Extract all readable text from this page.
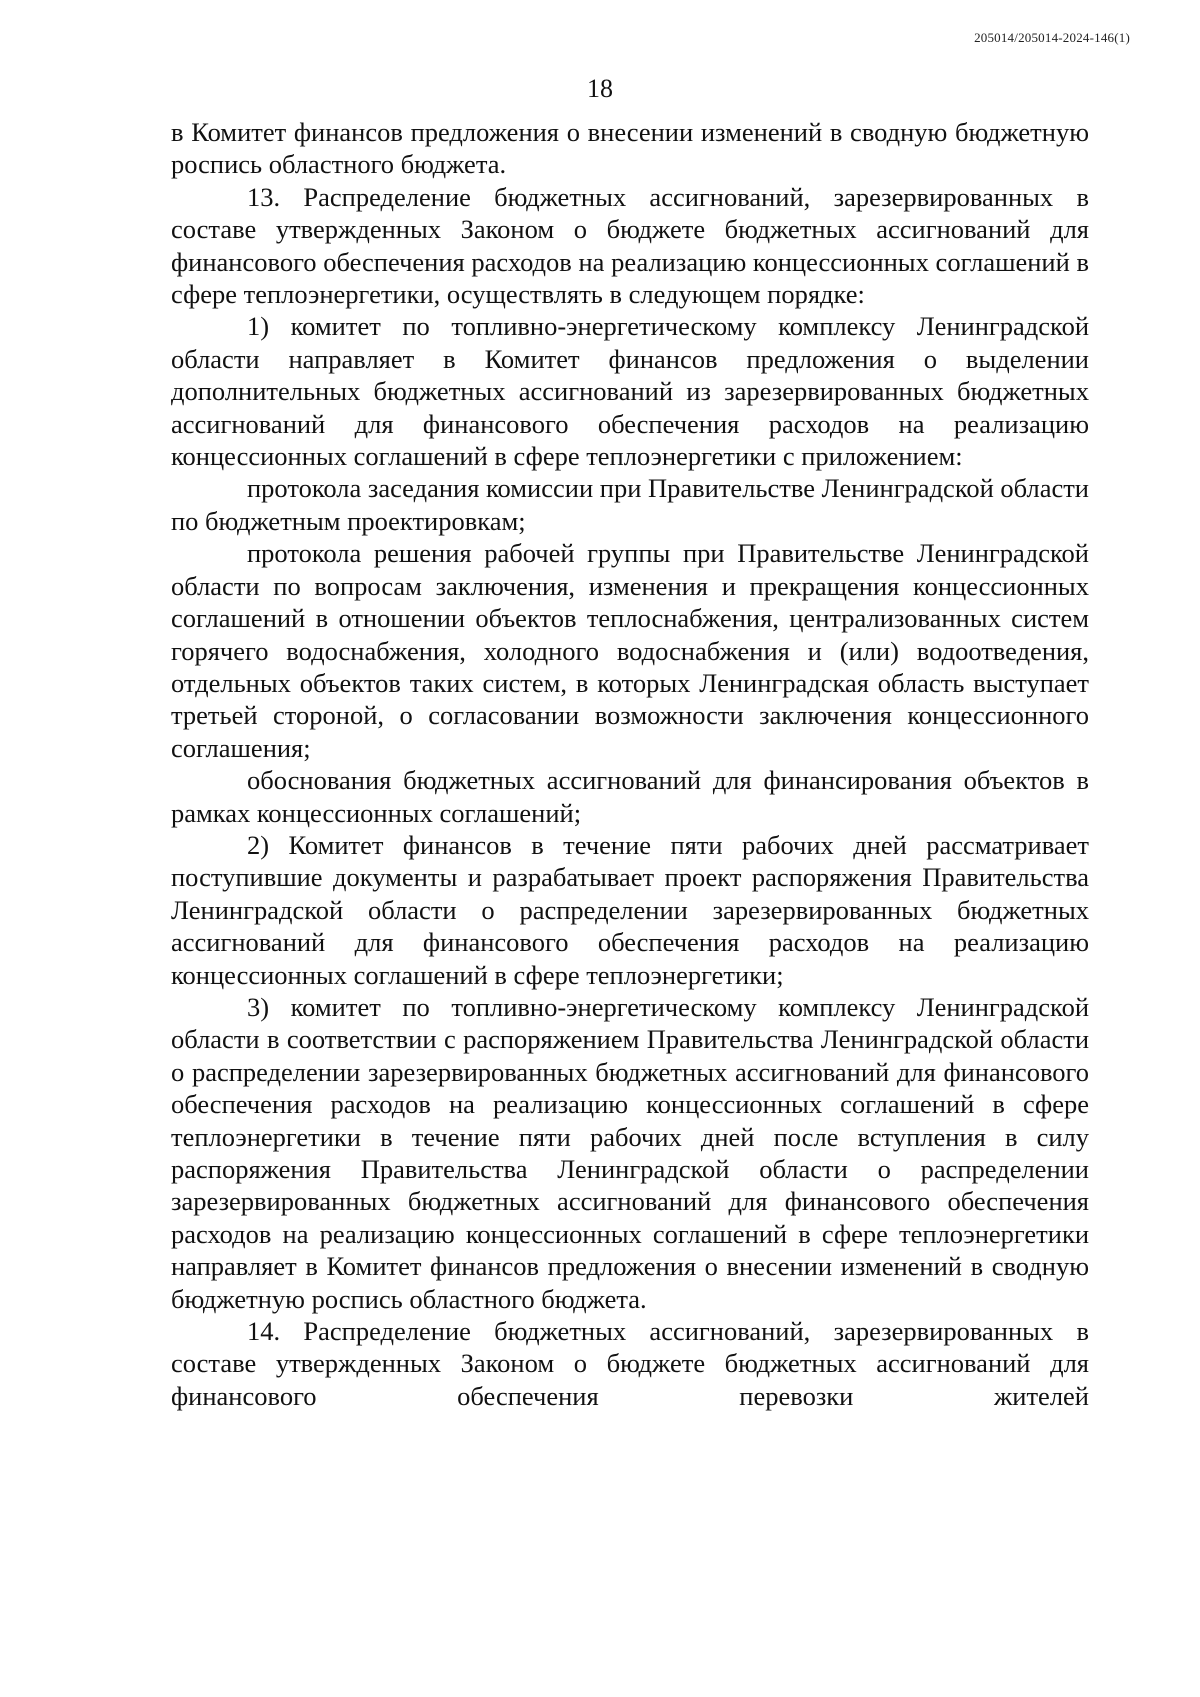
205014/205014-2024-146(1)
18

в Комитет финансов предложения о внесении изменений в сводную бюджетную роспись областного бюджета.

13. Распределение бюджетных ассигнований, зарезервированных в составе утвержденных Законом о бюджете бюджетных ассигнований для финансового обеспечения расходов на реализацию концессионных соглашений в сфере теплоэнергетики, осуществлять в следующем порядке:

1) комитет по топливно-энергетическому комплексу Ленинградской области направляет в Комитет финансов предложения о выделении дополнительных бюджетных ассигнований из зарезервированных бюджетных ассигнований для финансового обеспечения расходов на реализацию концессионных соглашений в сфере теплоэнергетики с приложением:

протокола заседания комиссии при Правительстве Ленинградской области по бюджетным проектировкам;

протокола решения рабочей группы при Правительстве Ленинградской области по вопросам заключения, изменения и прекращения концессионных соглашений в отношении объектов теплоснабжения, централизованных систем горячего водоснабжения, холодного водоснабжения и (или) водоотведения, отдельных объектов таких систем, в которых Ленинградская область выступает третьей стороной, о согласовании возможности заключения концессионного соглашения;

обоснования бюджетных ассигнований для финансирования объектов в рамках концессионных соглашений;

2) Комитет финансов в течение пяти рабочих дней рассматривает поступившие документы и разрабатывает проект распоряжения Правительства Ленинградской области о распределении зарезервированных бюджетных ассигнований для финансового обеспечения расходов на реализацию концессионных соглашений в сфере теплоэнергетики;

3) комитет по топливно-энергетическому комплексу Ленинградской области в соответствии с распоряжением Правительства Ленинградской области о распределении зарезервированных бюджетных ассигнований для финансового обеспечения расходов на реализацию концессионных соглашений в сфере теплоэнергетики в течение пяти рабочих дней после вступления в силу распоряжения Правительства Ленинградской области о распределении зарезервированных бюджетных ассигнований для финансового обеспечения расходов на реализацию концессионных соглашений в сфере теплоэнергетики направляет в Комитет финансов предложения о внесении изменений в сводную бюджетную роспись областного бюджета.

14. Распределение бюджетных ассигнований, зарезервированных в составе утвержденных Законом о бюджете бюджетных ассигнований для финансового обеспечения перевозки жителей
